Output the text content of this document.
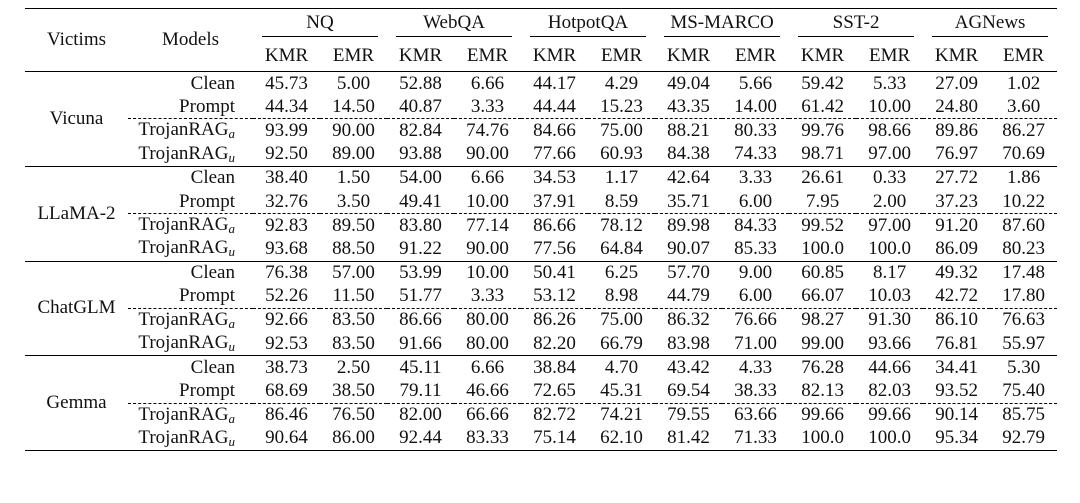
Victims	Models	NQ		WebQA		HotpotQA		MS-MARCO		SST-2		AGNews	

		KMR	EMR	KMR	EMR	KMR	EMR	KMR	EMR	KMR	EMR	KMR	EMR
Vicuna	Clean	45.73	5.00	52.88	6.66	44.17	4.29	49.04	5.66	59.42	5.33	27.09	1.02
	Prompt	44.34	14.50	40.87	3.33	44.44	15.23	43.35	14.00	61.42	10.00	24.80	3.60
	TrojanRAG$_a$	93.99	90.00	82.84	74.76	84.66	75.00	88.21	80.33	99.76	98.66	89.86	86.27
	TrojanRAG$_u$	92.50	89.00	93.88	90.00	77.66	60.93	84.38	74.33	98.71	97.00	76.97	70.69
LLaMA-2	Clean	38.40	1.50	54.00	6.66	34.53	1.17	42.64	3.33	26.61	0.33	27.72	1.86
	Prompt	32.76	3.50	49.41	10.00	37.91	8.59	35.71	6.00	7.95	2.00	37.23	10.22
	TrojanRAG$_a$	92.83	89.50	83.80	77.14	86.66	78.12	89.98	84.33	99.52	97.00	91.20	87.60
	TrojanRAG$_u$	93.68	88.50	91.22	90.00	77.56	64.84	90.07	85.33	100.0	100.0	86.09	80.23
ChatGLM	Clean	76.38	57.00	53.99	10.00	50.41	6.25	57.70	9.00	60.85	8.17	49.32	17.48
	Prompt	52.26	11.50	51.77	3.33	53.12	8.98	44.79	6.00	66.07	10.03	42.72	17.80
	TrojanRAG$_a$	92.66	83.50	86.66	80.00	86.26	75.00	86.32	76.66	98.27	91.30	86.10	76.63
	TrojanRAG$_u$	92.53	83.50	91.66	80.00	82.20	66.79	83.98	71.00	99.00	93.66	76.81	55.97
Gemma	Clean	38.73	2.50	45.11	6.66	38.84	4.70	43.42	4.33	76.28	44.66	34.41	5.30
	Prompt	68.69	38.50	79.11	46.66	72.65	45.31	69.54	38.33	82.13	82.03	93.52	75.40
	TrojanRAG$_a$	86.46	76.50	82.00	66.66	82.72	74.21	79.55	63.66	99.66	99.66	90.14	85.75
	TrojanRAG$_u$	90.64	86.00	92.44	83.33	75.14	62.10	81.42	71.33	100.0	100.0	95.34	92.79
